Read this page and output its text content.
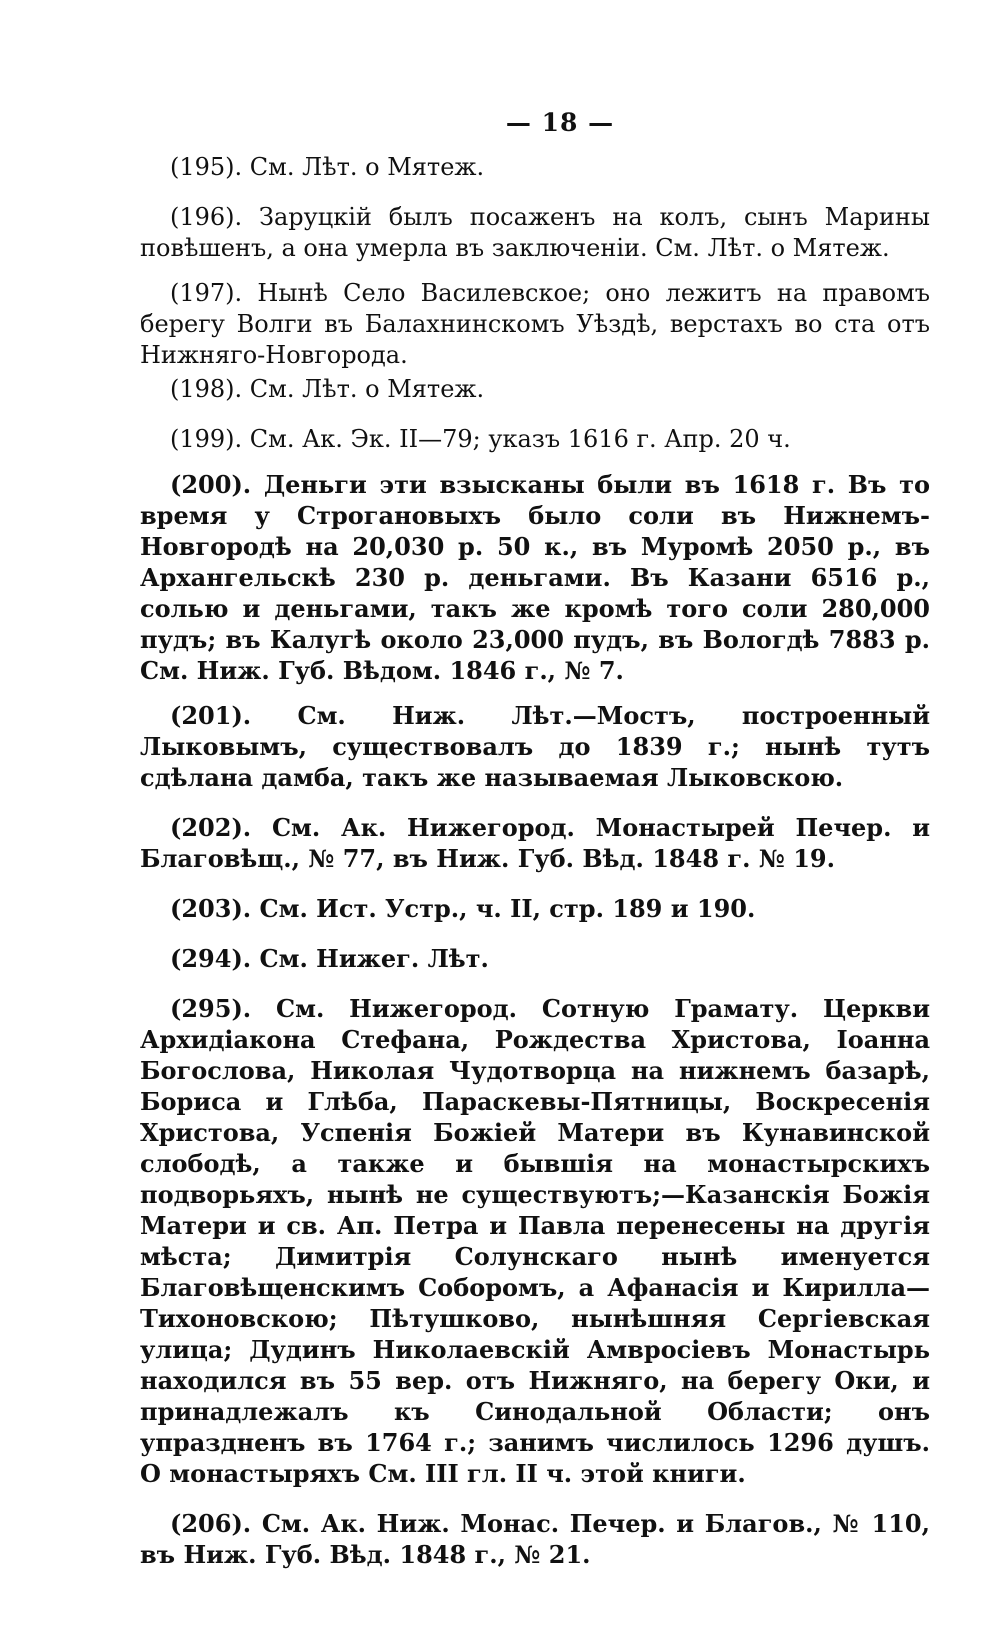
— 18 —

(195). См. Лѣт. о Мятеж.

(196). Заруцкій былъ посаженъ на колъ, сынъ Марины повѣшенъ, а она умерла въ заключеніи. См. Лѣт. о Мятеж.

(197). Нынѣ Село Василевское; оно лежитъ на правомъ берегу Волги въ Балахнинскомъ Уѣздѣ, верстахъ во ста отъ Нижняго-Новгорода.

(198). См. Лѣт. о Мятеж.

(199). См. Ак. Эк. II—79; указъ 1616 г. Апр. 20 ч.

(200). Деньги эти взысканы были въ 1618 г. Въ то время у Строгановыхъ было соли въ Нижнемъ-Новгородѣ на 20,030 р. 50 к., въ Муромѣ 2050 р., въ Архангельскѣ 230 р. деньгами. Въ Казани 6516 р., солью и деньгами, такъ же кромѣ того соли 280,000 пудъ; въ Калугѣ около 23,000 пудъ, въ Вологдѣ 7883 р. См. Ниж. Губ. Вѣдом. 1846 г., № 7.

(201). См. Ниж. Лѣт.—Мостъ, построенный Лыковымъ, существовалъ до 1839 г.; нынѣ тутъ сдѣлана дамба, такъ же называемая Лыковскою.

(202). См. Ак. Нижегород. Монастырей Печер. и Благовѣщ., № 77, въ Ниж. Губ. Вѣд. 1848 г. № 19.

(203). См. Ист. Устр., ч. II, стр. 189 и 190.

(294). См. Нижег. Лѣт.

(295). См. Нижегород. Сотную Грамату. Церкви Архидіакона Стефана, Рождества Христова, Іоанна Богослова, Николая Чудотворца на нижнемъ базарѣ, Бориса и Глѣба, Параскевы-Пятницы, Воскресенія Христова, Успенія Божіей Матери въ Кунавинской слободѣ, а также и бывшія на монастырскихъ подворьяхъ, нынѣ не существуютъ;—Казанскія Божія Матери и св. Ап. Петра и Павла перенесены на другія мѣста; Димитрія Солунскаго нынѣ именуется Благовѣщенскимъ Соборомъ, а Афанасія и Кирилла—Тихоновскою; Пѣтушково, нынѣшняя Сергіевская улица; Дудинъ Николаевскій Амвросіевъ Монастырь находился въ 55 вер. отъ Нижняго, на берегу Оки, и принадлежалъ къ Синодальной Области; онъ упраздненъ въ 1764 г.; занимъ числилось 1296 душъ. О монастыряхъ См. III гл. II ч. этой книги.

(206). См. Ак. Ниж. Монас. Печер. и Благов., № 110, въ Ниж. Губ. Вѣд. 1848 г., № 21.
